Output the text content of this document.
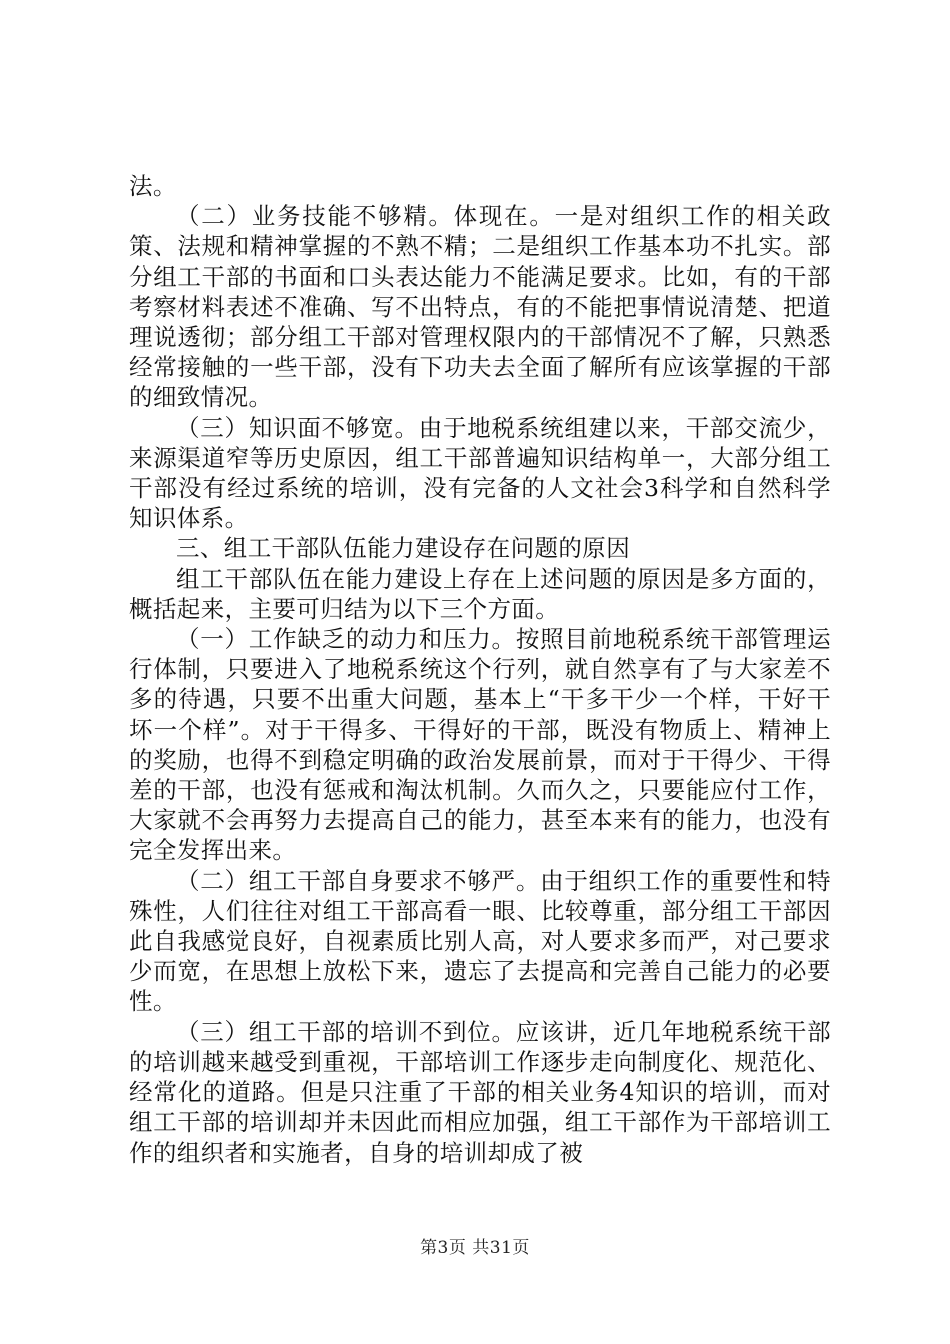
法。

（二）业务技能不够精。体现在。一是对组织工作的相关政策、法规和精神掌握的不熟不精；二是组织工作基本功不扎实。部分组工干部的书面和口头表达能力不能满足要求。比如，有的干部考察材料表述不准确、写不出特点，有的不能把事情说清楚、把道理说透彻；部分组工干部对管理权限内的干部情况不了解，只熟悉经常接触的一些干部，没有下功夫去全面了解所有应该掌握的干部的细致情况。

（三）知识面不够宽。由于地税系统组建以来，干部交流少，来源渠道窄等历史原因，组工干部普遍知识结构单一，大部分组工干部没有经过系统的培训，没有完备的人文社会3科学和自然科学知识体系。

三、组工干部队伍能力建设存在问题的原因

组工干部队伍在能力建设上存在上述问题的原因是多方面的，概括起来，主要可归结为以下三个方面。

（一）工作缺乏的动力和压力。按照目前地税系统干部管理运行体制，只要进入了地税系统这个行列，就自然享有了与大家差不多的待遇，只要不出重大问题，基本上“干多干少一个样，干好干坏一个样”。对于干得多、干得好的干部，既没有物质上、精神上的奖励，也得不到稳定明确的政治发展前景，而对于干得少、干得差的干部，也没有惩戒和淘汰机制。久而久之，只要能应付工作，大家就不会再努力去提高自己的能力，甚至本来有的能力，也没有完全发挥出来。

（二）组工干部自身要求不够严。由于组织工作的重要性和特殊性，人们往往对组工干部高看一眼、比较尊重，部分组工干部因此自我感觉良好，自视素质比别人高，对人要求多而严，对己要求少而宽，在思想上放松下来，遗忘了去提高和完善自己能力的必要性。

（三）组工干部的培训不到位。应该讲，近几年地税系统干部的培训越来越受到重视，干部培训工作逐步走向制度化、规范化、经常化的道路。但是只注重了干部的相关业务4知识的培训，而对组工干部的培训却并未因此而相应加强，组工干部作为干部培训工作的组织者和实施者，自身的培训却成了被

第3页 共31页
